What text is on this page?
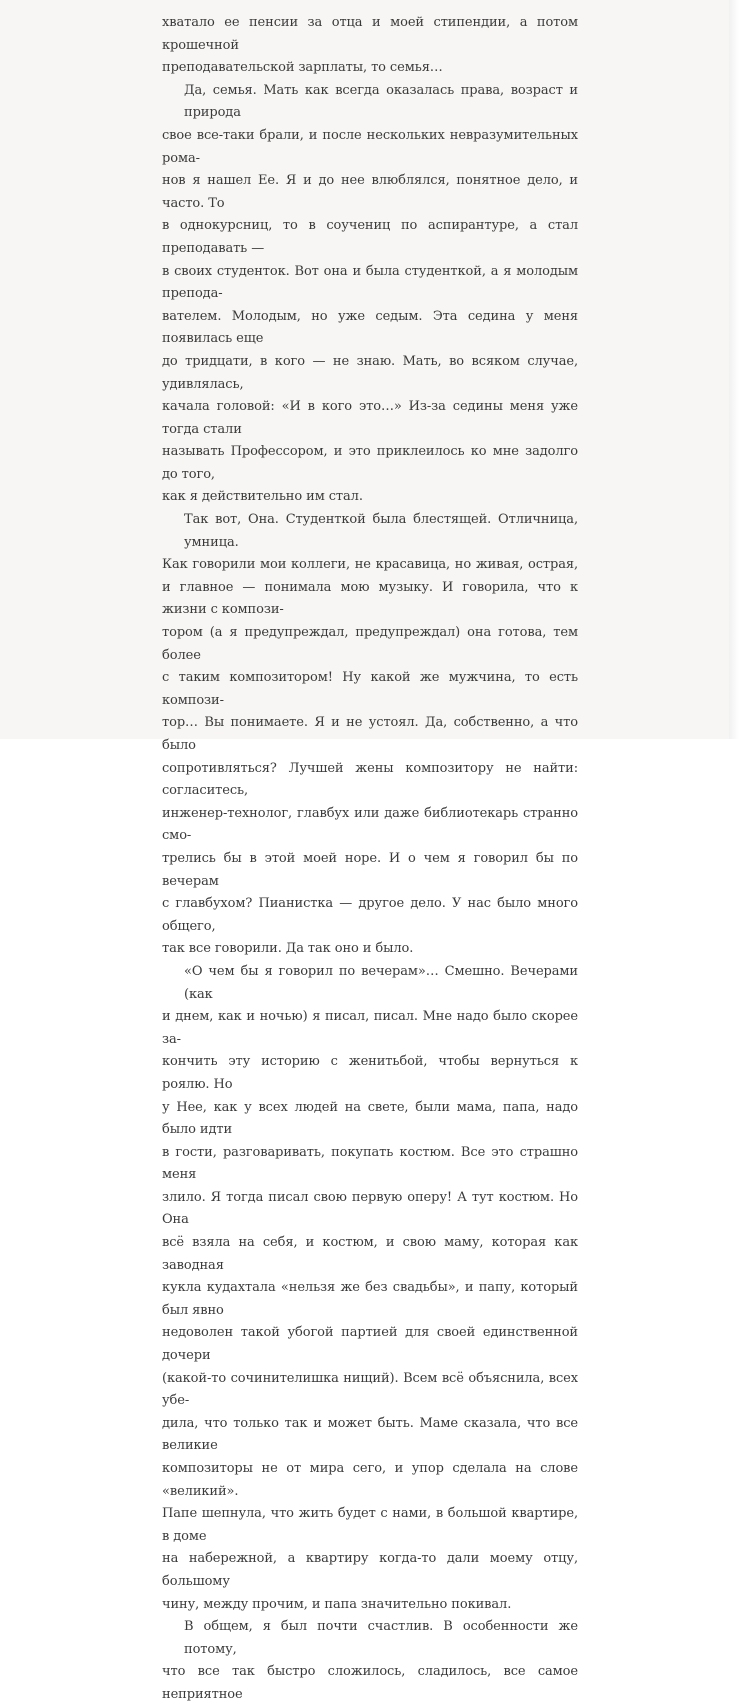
хватало ее пенсии за отца и моей стипендии, а потом крошечной
преподавательской зарплаты, то семья…
Да, семья. Мать как всегда оказалась права, возраст и природа
свое все-таки брали, и после нескольких невразумительных рома-
нов я нашел Ее. Я и до нее влюблялся, понятное дело, и часто. То
в однокурсниц, то в соучениц по аспирантуре, а стал преподавать —
в своих студенток. Вот она и была студенткой, а я молодым препода-
вателем. Молодым, но уже седым. Эта седина у меня появилась еще
до тридцати, в кого — не знаю. Мать, во всяком случае, удивлялась,
качала головой: «И в кого это…» Из-за седины меня уже тогда стали
называть Профессором, и это приклеилось ко мне задолго до того,
как я действительно им стал.
Так вот, Она. Студенткой была блестящей. Отличница, умница.
Как говорили мои коллеги, не красавица, но живая, острая, и главное — понимала мою музыку. И говорила, что к жизни с компози-
тором (а я предупреждал, предупреждал) она готова, тем более
с таким композитором! Ну какой же мужчина, то есть компози-
тор… Вы понимаете. Я и не устоял. Да, собственно, а что было
сопротивляться? Лучшей жены композитору не найти: согласитесь,
инженер-технолог, главбух или даже библиотекарь странно смо-
трелись бы в этой моей норе. И о чем я говорил бы по вечерам
с главбухом? Пианистка — другое дело. У нас было много общего,
так все говорили. Да так оно и было.
«О чем бы я говорил по вечерам»… Смешно. Вечерами (как
и днем, как и ночью) я писал, писал. Мне надо было скорее за-
кончить эту историю с женитьбой, чтобы вернуться к роялю. Но
у Нее, как у всех людей на свете, были мама, папа, надо было идти
в гости, разговаривать, покупать костюм. Все это страшно меня
злило. Я тогда писал свою первую оперу! А тут костюм. Но Она
всё взяла на себя, и костюм, и свою маму, которая как заводная
кукла кудахтала «нельзя же без свадьбы», и папу, который был явно
недоволен такой убогой партией для своей единственной дочери
(какой-то сочинителишка нищий). Всем всё объяснила, всех убе-
дила, что только так и может быть. Маме сказала, что все великие
композиторы не от мира сего, и упор сделала на слове «великий».
Папе шепнула, что жить будет с нами, в большой квартире, в доме
на набережной, а квартиру когда-то дали моему отцу, большому
чину, между прочим, и папа значительно покивал.
В общем, я был почти счастлив. В особенности же потому,
что все так быстро сложилось, сладилось, все самое неприятное
